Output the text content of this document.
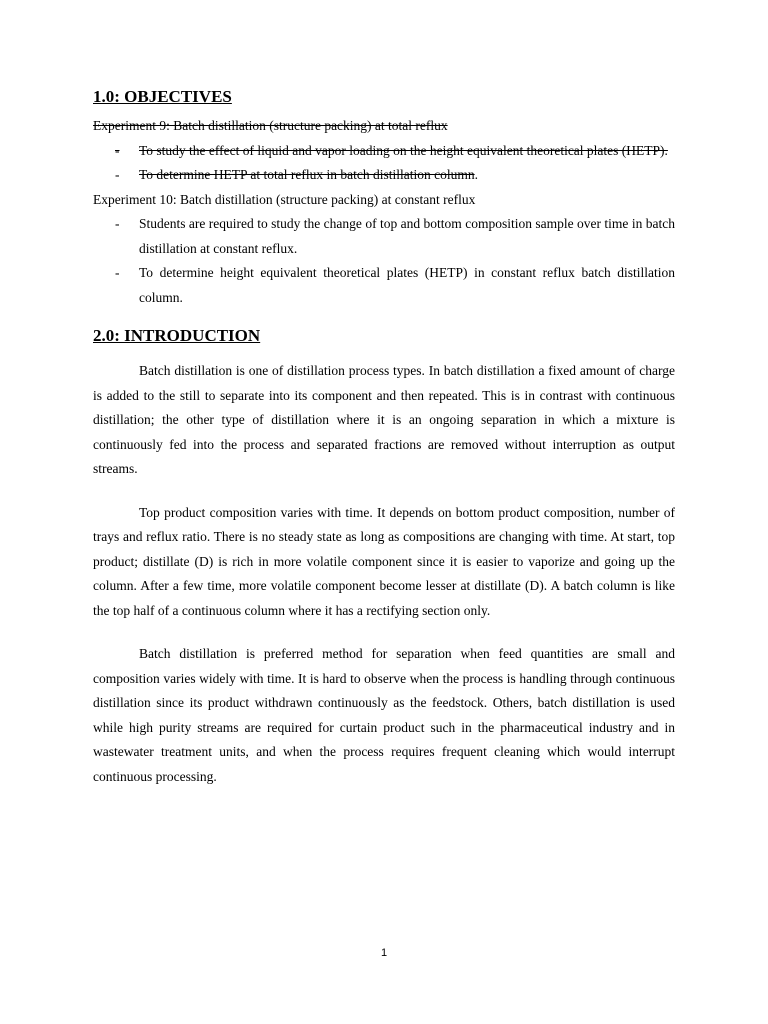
1.0: OBJECTIVES

Experiment 9: Batch distillation (structure packing) at total reflux

- To study the effect of liquid and vapor loading on the height equivalent theoretical plates (HETP).
- To determine HETP at total reflux in batch distillation column.

Experiment 10: Batch distillation (structure packing) at constant reflux

- Students are required to study the change of top and bottom composition sample over time in batch distillation at constant reflux.
- To determine height equivalent theoretical plates (HETP) in constant reflux batch distillation column.
2.0: INTRODUCTION

Batch distillation is one of distillation process types. In batch distillation a fixed amount of charge is added to the still to separate into its component and then repeated. This is in contrast with continuous distillation; the other type of distillation where it is an ongoing separation in which a mixture is continuously fed into the process and separated fractions are removed without interruption as output streams.

Top product composition varies with time. It depends on bottom product composition, number of trays and reflux ratio. There is no steady state as long as compositions are changing with time. At start, top product; distillate (D) is rich in more volatile component since it is easier to vaporize and going up the column. After a few time, more volatile component become lesser at distillate (D). A batch column is like the top half of a continuous column where it has a rectifying section only.

Batch distillation is preferred method for separation when feed quantities are small and composition varies widely with time. It is hard to observe when the process is handling through continuous distillation since its product withdrawn continuously as the feedstock. Others, batch distillation is used while high purity streams are required for curtain product such in the pharmaceutical industry and in wastewater treatment units, and when the process requires frequent cleaning which would interrupt continuous processing.

1
